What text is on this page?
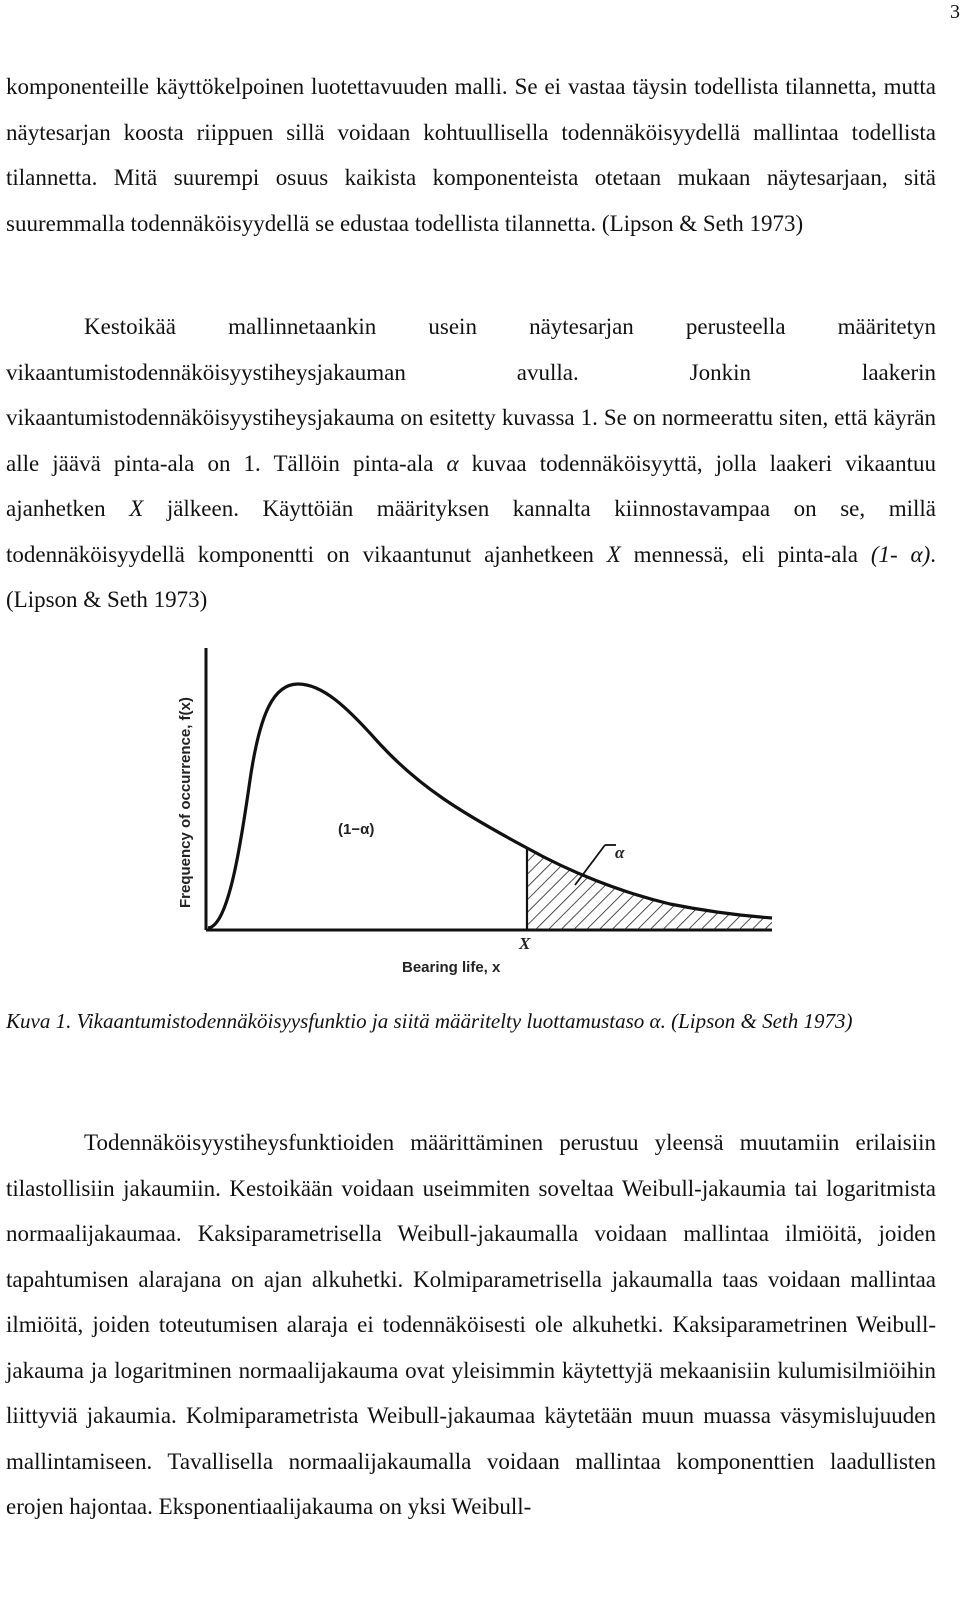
3

komponenteille käyttökelpoinen luotettavuuden malli. Se ei vastaa täysin todellista tilannetta, mutta näytesarjan koosta riippuen sillä voidaan kohtuullisella todennäköisyydellä mallintaa todellista tilannetta. Mitä suurempi osuus kaikista komponenteista otetaan mukaan näytesarjaan, sitä suuremmalla todennäköisyydellä se edustaa todellista tilannetta. (Lipson & Seth 1973)

Kestoikää mallinnetaankin usein näytesarjan perusteella määritetyn vikaantumistodennäköisyystiheysjakauman avulla. Jonkin laakerin vikaantumistodennäköisyystiheysjakauma on esitetty kuvassa 1. Se on normeerattu siten, että käyrän alle jäävä pinta-ala on 1. Tällöin pinta-ala α kuvaa todennäköisyyttä, jolla laakeri vikaantuu ajanhetken X jälkeen. Käyttöiän määrityksen kannalta kiinnostavampaa on se, millä todennäköisyydellä komponentti on vikaantunut ajanhetkeen X mennessä, eli pinta-ala (1- α). (Lipson & Seth 1973)

(1−α)
α
X
Bearing life, x
Frequency of occurrence, f(x)

Kuva 1. Vikaantumistodennäköisyysfunktio ja siitä määritelty luottamustaso α. (Lipson & Seth 1973)

Todennäköisyystiheysfunktioiden määrittäminen perustuu yleensä muutamiin erilaisiin tilastollisiin jakaumiin. Kestoikään voidaan useimmiten soveltaa Weibull-jakaumia tai logaritmista normaalijakaumaa. Kaksiparametrisella Weibull-jakaumalla voidaan mallintaa ilmiöitä, joiden tapahtumisen alarajana on ajan alkuhetki. Kolmiparametrisella jakaumalla taas voidaan mallintaa ilmiöitä, joiden toteutumisen alaraja ei todennäköisesti ole alkuhetki. Kaksiparametrinen Weibull-jakauma ja logaritminen normaalijakauma ovat yleisimmin käytettyjä mekaanisiin kulumisilmiöihin liittyviä jakaumia. Kolmiparametrista Weibull-jakaumaa käytetään muun muassa väsymislujuuden mallintamiseen. Tavallisella normaalijakaumalla voidaan mallintaa komponenttien laadullisten erojen hajontaa. Eksponentiaalijakauma on yksi Weibull-
